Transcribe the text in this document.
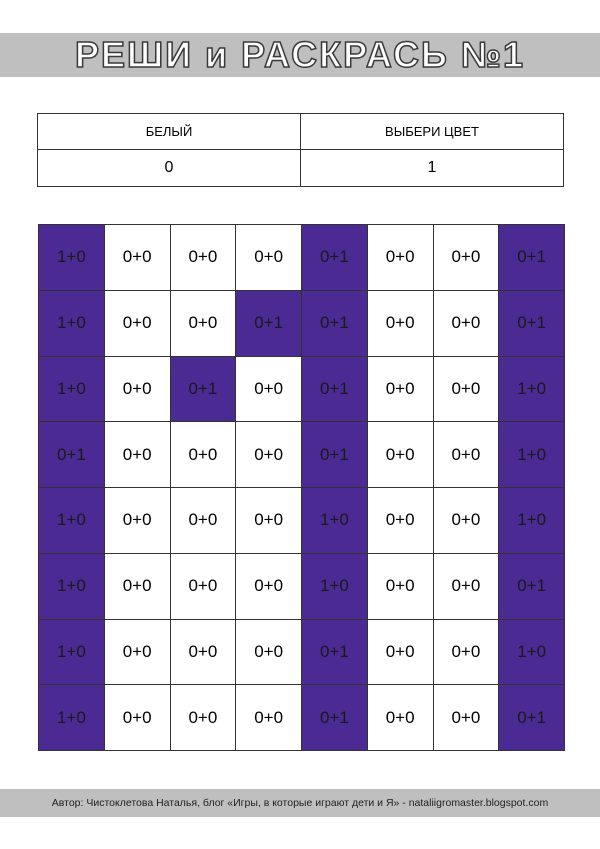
РЕШИ и РАСКРАСЬ №1
БЕЛЫЙ	ВЫБЕРИ ЦВЕТ
0	1
1+0	0+0	0+0	0+0	0+1	0+0	0+0	0+1
1+0	0+0	0+0	0+1	0+1	0+0	0+0	0+1
1+0	0+0	0+1	0+0	0+1	0+0	0+0	1+0
0+1	0+0	0+0	0+0	0+1	0+0	0+0	1+0
1+0	0+0	0+0	0+0	1+0	0+0	0+0	1+0
1+0	0+0	0+0	0+0	1+0	0+0	0+0	0+1
1+0	0+0	0+0	0+0	0+1	0+0	0+0	1+0
1+0	0+0	0+0	0+0	0+1	0+0	0+0	0+1
Автор: Чистоклетова Наталья, блог «Игры, в которые играют дети и Я» - nataliigromaster.blogspot.com
